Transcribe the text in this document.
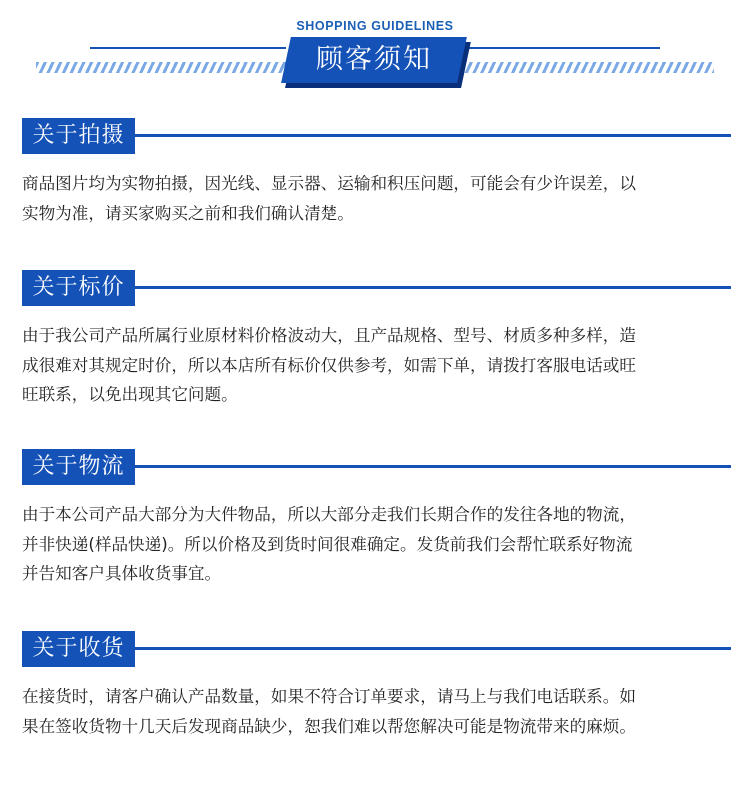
SHOPPING GUIDELINES
顾客须知
关于拍摄

商品图片均为实物拍摄，因光线、显示器、运输和积压问题，可能会有少许误差，以
实物为准，请买家购买之前和我们确认清楚。

关于标价

由于我公司产品所属行业原材料价格波动大，且产品规格、型号、材质多种多样，造
成很难对其规定时价，所以本店所有标价仅供参考，如需下单，请拨打客服电话或旺
旺联系，以免出现其它问题。

关于物流

由于本公司产品大部分为大件物品，所以大部分走我们长期合作的发往各地的物流，
并非快递(样品快递)。所以价格及到货时间很难确定。发货前我们会帮忙联系好物流
并告知客户具体收货事宜。

关于收货

在接货时，请客户确认产品数量，如果不符合订单要求，请马上与我们电话联系。如
果在签收货物十几天后发现商品缺少，恕我们难以帮您解决可能是物流带来的麻烦。
